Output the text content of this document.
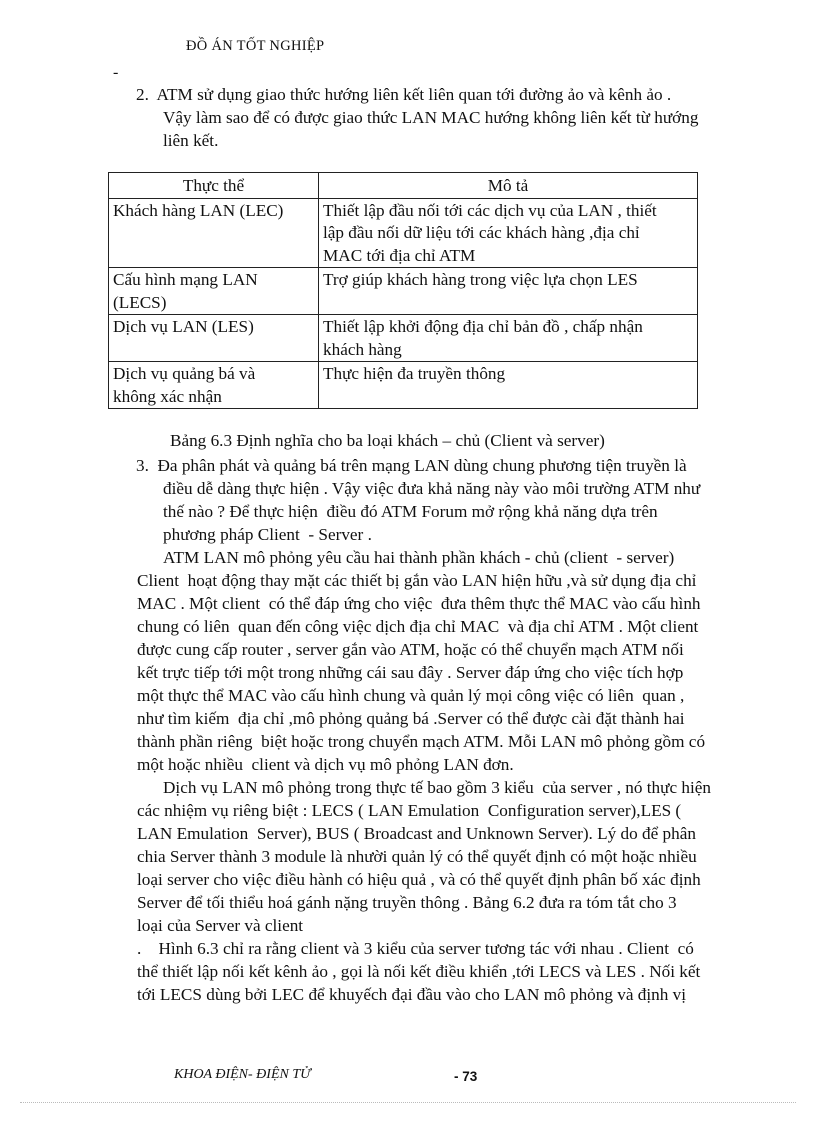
ĐỒ ÁN TỐT NGHIỆP
-
2.  ATM sử dụng giao thức hướng liên kết liên quan tới đường ảo và kênh ảo .
Vậy làm sao để có được giao thức LAN MAC hướng không liên kết từ hướng
liên kết.
Thực thể	Mô tả

Khách hàng LAN (LEC)	Thiết lập đầu nối tới các dịch vụ của LAN , thiết
lập đầu nối dữ liệu tới các khách hàng ,địa chỉ
MAC tới địa chỉ ATM

Cấu hình mạng LAN
(LECS)	Trợ giúp khách hàng trong việc lựa chọn LES

Dịch vụ LAN (LES)	Thiết lập khởi động địa chỉ bản đồ , chấp nhận
khách hàng

Dịch vụ quảng bá và
không xác nhận	Thực hiện đa truyền thông
Bảng 6.3 Định nghĩa cho ba loại khách – chủ (Client và server)
3.  Đa phân phát và quảng bá trên mạng LAN dùng chung phương tiện truyền là
điều dễ dàng thực hiện . Vậy việc đưa khả năng này vào môi trường ATM như
thế nào ? Để thực hiện  điều đó ATM Forum mở rộng khả năng dựa trên
phương pháp Client  - Server .
ATM LAN mô phỏng yêu cầu hai thành phần khách - chủ (client  - server)
Client  hoạt động thay mặt các thiết bị gắn vào LAN hiện hữu ,và sử dụng địa chỉ
MAC . Một client  có thể đáp ứng cho việc  đưa thêm thực thể MAC vào cấu hình
chung có liên  quan đến công việc dịch địa chỉ MAC  và địa chỉ ATM . Một client
được cung cấp router , server gắn vào ATM, hoặc có thể chuyển mạch ATM nối
kết trực tiếp tới một trong những cái sau đây . Server đáp ứng cho việc tích hợp
một thực thể MAC vào cấu hình chung và quản lý mọi công việc có liên  quan ,
như tìm kiếm  địa chỉ ,mô phỏng quảng bá .Server có thể được cài đặt thành hai
thành phần riêng  biệt hoặc trong chuyển mạch ATM. Mỗi LAN mô phỏng gồm có
một hoặc nhiều  client và dịch vụ mô phỏng LAN đơn.
Dịch vụ LAN mô phỏng trong thực tế bao gồm 3 kiểu  của server , nó thực hiện
các nhiệm vụ riêng biệt : LECS ( LAN Emulation  Configuration server),LES (
LAN Emulation  Server), BUS ( Broadcast and Unknown Server). Lý do để phân
chia Server thành 3 module là nhười quản lý có thể quyết định có một hoặc nhiều
loại server cho việc điều hành có hiệu quả , và có thể quyết định phân bố xác định
Server để tối thiểu hoá gánh nặng truyền thông . Bảng 6.2 đưa ra tóm tắt cho 3
loại của Server và client
.    Hình 6.3 chỉ ra rằng client và 3 kiểu của server tương tác với nhau . Client  có
thể thiết lập nối kết kênh ảo , gọi là nối kết điều khiển ,tới LECS và LES . Nối kết
tới LECS dùng bởi LEC để khuyếch đại đầu vào cho LAN mô phỏng và định vị
KHOA ĐIỆN- ĐIỆN TỬ	- 73
